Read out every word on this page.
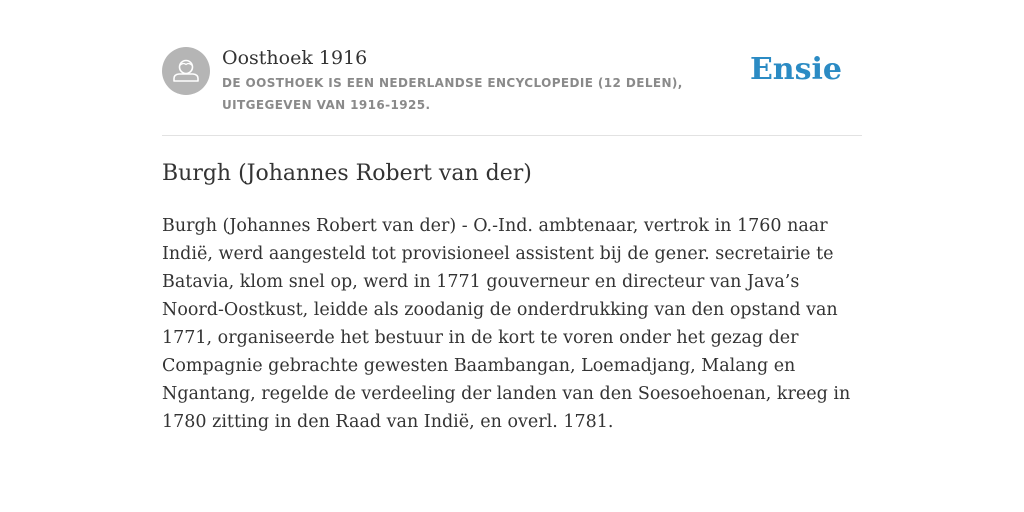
Oosthoek 1916

DE OOSTHOEK IS EEN NEDERLANDSE ENCYCLOPEDIE (12 DELEN), UITGEGEVEN VAN 1916-1925.

Ensie
Burgh (Johannes Robert van der)

Burgh (Johannes Robert van der) - O.-Ind. ambtenaar, vertrok in 1760 naar Indië, werd aangesteld tot provisioneel assistent bij de gener. secretairie te Batavia, klom snel op, werd in 1771 gouverneur en directeur van Java’s Noord-Oostkust, leidde als zoodanig de onderdrukking van den opstand van 1771, organiseerde het bestuur in de kort te voren onder het gezag der Compagnie gebrachte gewesten Baambangan, Loemadjang, Malang en Ngantang, regelde de verdeeling der landen van den Soesoehoenan, kreeg in 1780 zitting in den Raad van Indië, en overl. 1781.
